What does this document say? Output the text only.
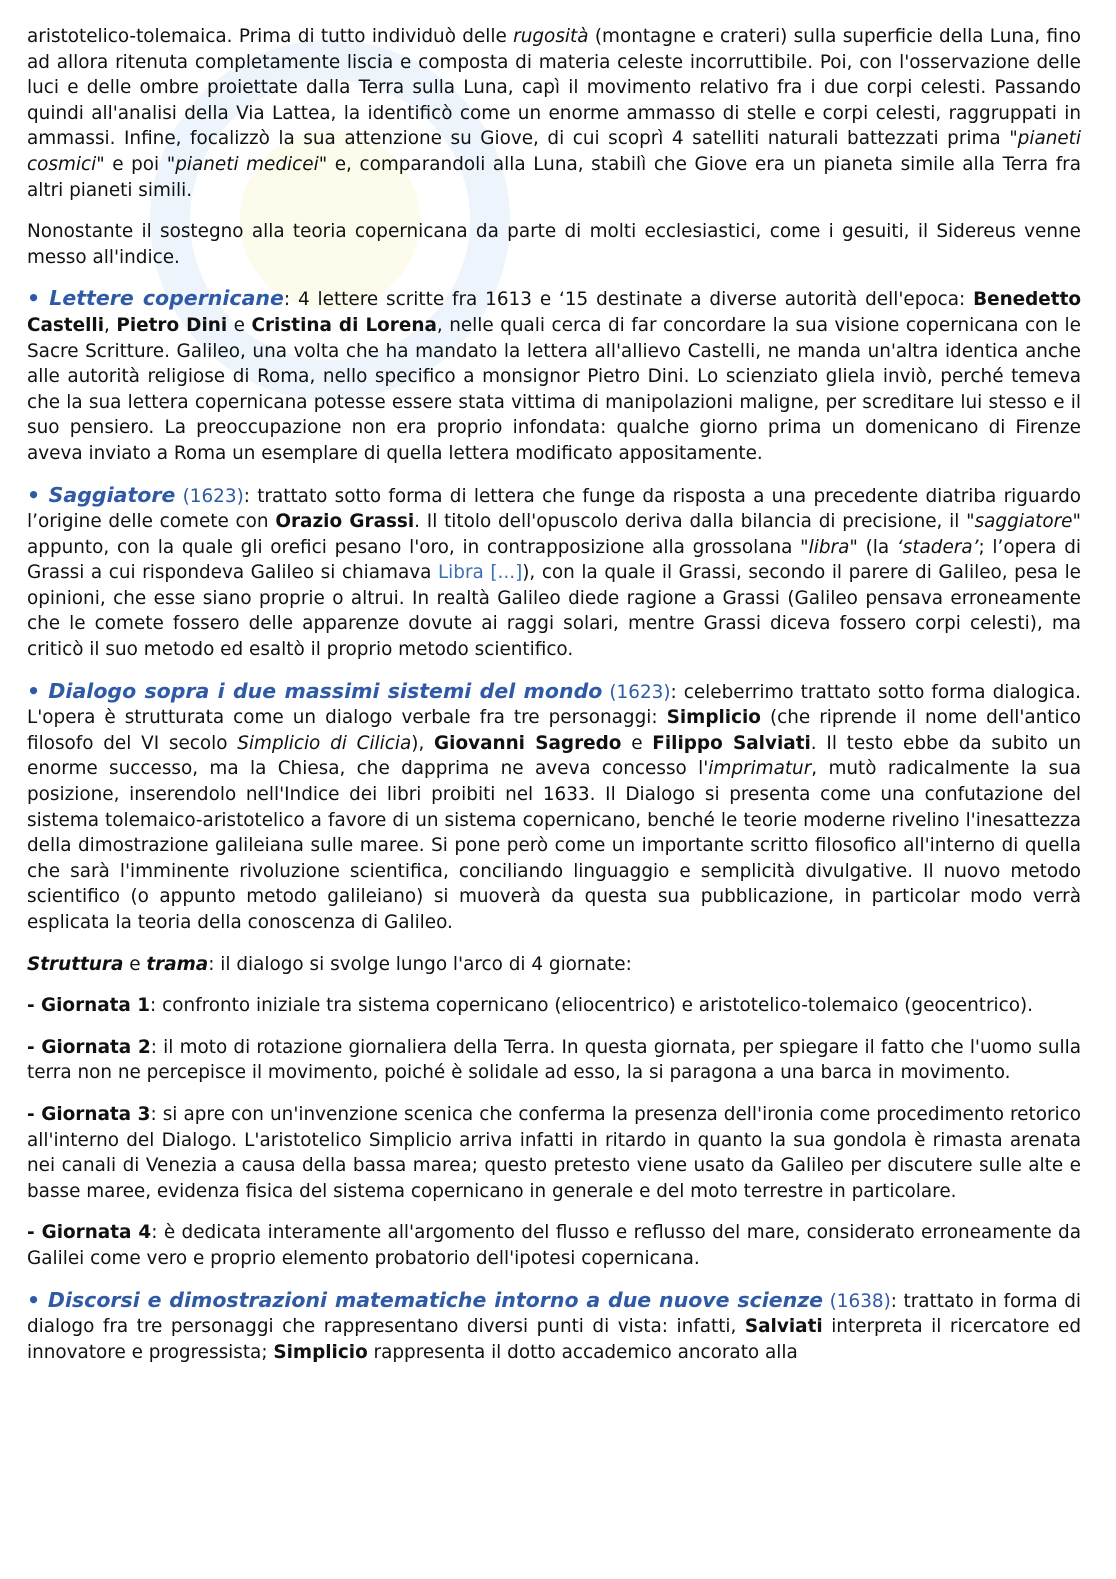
aristotelico-tolemaica. Prima di tutto individuò delle rugosità (montagne e crateri) sulla superficie della Luna, fino ad allora ritenuta completamente liscia e composta di materia celeste incorruttibile. Poi, con l'osservazione delle luci e delle ombre proiettate dalla Terra sulla Luna, capì il movimento relativo fra i due corpi celesti. Passando quindi all'analisi della Via Lattea, la identificò come un enorme ammasso di stelle e corpi celesti, raggruppati in ammassi. Infine, focalizzò la sua attenzione su Giove, di cui scoprì 4 satelliti naturali battezzati prima "pianeti cosmici" e poi "pianeti medicei" e, comparandoli alla Luna, stabilì che Giove era un pianeta simile alla Terra fra altri pianeti simili.

Nonostante il sostegno alla teoria copernicana da parte di molti ecclesiastici, come i gesuiti, il Sidereus venne messo all'indice.

• Lettere copernicane: 4 lettere scritte fra 1613 e ‘15 destinate a diverse autorità dell'epoca: Benedetto Castelli, Pietro Dini e Cristina di Lorena, nelle quali cerca di far concordare la sua visione copernicana con le Sacre Scritture. Galileo, una volta che ha mandato la lettera all'allievo Castelli, ne manda un'altra identica anche alle autorità religiose di Roma, nello specifico a monsignor Pietro Dini. Lo scienziato gliela inviò, perché temeva che la sua lettera copernicana potesse essere stata vittima di manipolazioni maligne, per screditare lui stesso e il suo pensiero. La preoccupazione non era proprio infondata: qualche giorno prima un domenicano di Firenze aveva inviato a Roma un esemplare di quella lettera modificato appositamente.

• Saggiatore (1623): trattato sotto forma di lettera che funge da risposta a una precedente diatriba riguardo l’origine delle comete con Orazio Grassi. Il titolo dell'opuscolo deriva dalla bilancia di precisione, il "saggiatore" appunto, con la quale gli orefici pesano l'oro, in contrapposizione alla grossolana "libra" (la ‘stadera’; l’opera di Grassi a cui rispondeva Galileo si chiamava Libra [...]), con la quale il Grassi, secondo il parere di Galileo, pesa le opinioni, che esse siano proprie o altrui. In realtà Galileo diede ragione a Grassi (Galileo pensava erroneamente che le comete fossero delle apparenze dovute ai raggi solari, mentre Grassi diceva fossero corpi celesti), ma criticò il suo metodo ed esaltò il proprio metodo scientifico.

• Dialogo sopra i due massimi sistemi del mondo (1623): celeberrimo trattato sotto forma dialogica. L'opera è strutturata come un dialogo verbale fra tre personaggi: Simplicio (che riprende il nome dell'antico filosofo del VI secolo Simplicio di Cilicia), Giovanni Sagredo e Filippo Salviati. Il testo ebbe da subito un enorme successo, ma la Chiesa, che dapprima ne aveva concesso l'imprimatur, mutò radicalmente la sua posizione, inserendolo nell'Indice dei libri proibiti nel 1633. Il Dialogo si presenta come una confutazione del sistema tolemaico-aristotelico a favore di un sistema copernicano, benché le teorie moderne rivelino l'inesattezza della dimostrazione galileiana sulle maree. Si pone però come un importante scritto filosofico all'interno di quella che sarà l'imminente rivoluzione scientifica, conciliando linguaggio e semplicità divulgative. Il nuovo metodo scientifico (o appunto metodo galileiano) si muoverà da questa sua pubblicazione, in particolar modo verrà esplicata la teoria della conoscenza di Galileo.

Struttura e trama: il dialogo si svolge lungo l'arco di 4 giornate:

- Giornata 1: confronto iniziale tra sistema copernicano (eliocentrico) e aristotelico-tolemaico (geocentrico).

- Giornata 2: il moto di rotazione giornaliera della Terra. In questa giornata, per spiegare il fatto che l'uomo sulla terra non ne percepisce il movimento, poiché è solidale ad esso, la si paragona a una barca in movimento.

- Giornata 3: si apre con un'invenzione scenica che conferma la presenza dell'ironia come procedimento retorico all'interno del Dialogo. L'aristotelico Simplicio arriva infatti in ritardo in quanto la sua gondola è rimasta arenata nei canali di Venezia a causa della bassa marea; questo pretesto viene usato da Galileo per discutere sulle alte e basse maree, evidenza fisica del sistema copernicano in generale e del moto terrestre in particolare.

- Giornata 4: è dedicata interamente all'argomento del flusso e reflusso del mare, considerato erroneamente da Galilei come vero e proprio elemento probatorio dell'ipotesi copernicana.

• Discorsi e dimostrazioni matematiche intorno a due nuove scienze (1638): trattato in forma di dialogo fra tre personaggi che rappresentano diversi punti di vista: infatti, Salviati interpreta il ricercatore ed innovatore e progressista; Simplicio rappresenta il dotto accademico ancorato alla
